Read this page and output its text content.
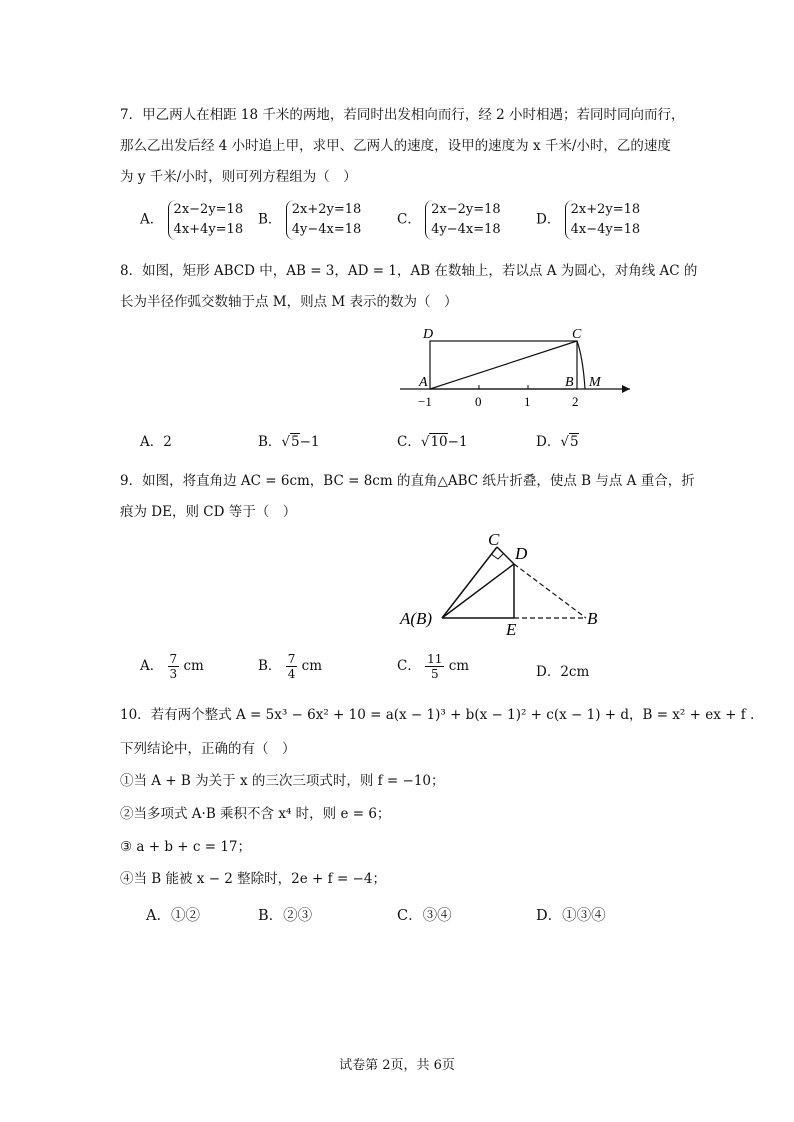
7．甲乙两人在相距 18 千米的两地，若同时出发相向而行，经 2 小时相遇；若同时同向而行，
那么乙出发后经 4 小时追上甲，求甲、乙两人的速度，设甲的速度为 x 千米/小时，乙的速度
为 y 千米/小时，则可列方程组为（　）
A． 2x−2y=18
4x+4y=18
B． 2x+2y=18
4y−4x=18
C． 2x−2y=18
4y−4x=18
D． 2x+2y=18
4x−4y=18
8．如图，矩形 ABCD 中，AB = 3，AD = 1，AB 在数轴上，若以点 A 为圆心，对角线 AC 的
长为半径作弧交数轴于点 M，则点 M 表示的数为（　）
D	C
A	B M
−1	0	1	2
A．2	B．√5−1	C．√10−1	D．√5
9．如图，将直角边 AC = 6cm，BC = 8cm 的直角△ABC 纸片折叠，使点 B 与点 A 重合，折
痕为 DE，则 CD 等于（　）
C
D
A(B)
E
B
A． $\frac{7}{3}$ cm	B． $\frac{7}{4}$ cm	C． $\frac{11}{5}$ cm	D．2cm
10．若有两个整式 A = 5x³ − 6x² + 10 = a(x − 1)³ + b(x − 1)² + c(x − 1) + d，B = x² + ex + f .
下列结论中，正确的有（　）
①当 A + B 为关于 x 的三次三项式时，则 f = −10；
②当多项式 A·B 乘积不含 x⁴ 时，则 e = 6；
③ a + b + c = 17；
④当 B 能被 x − 2 整除时，2e + f = −4；
A．①②	B．②③	C．③④	D．①③④
试卷第 2页，共 6页
